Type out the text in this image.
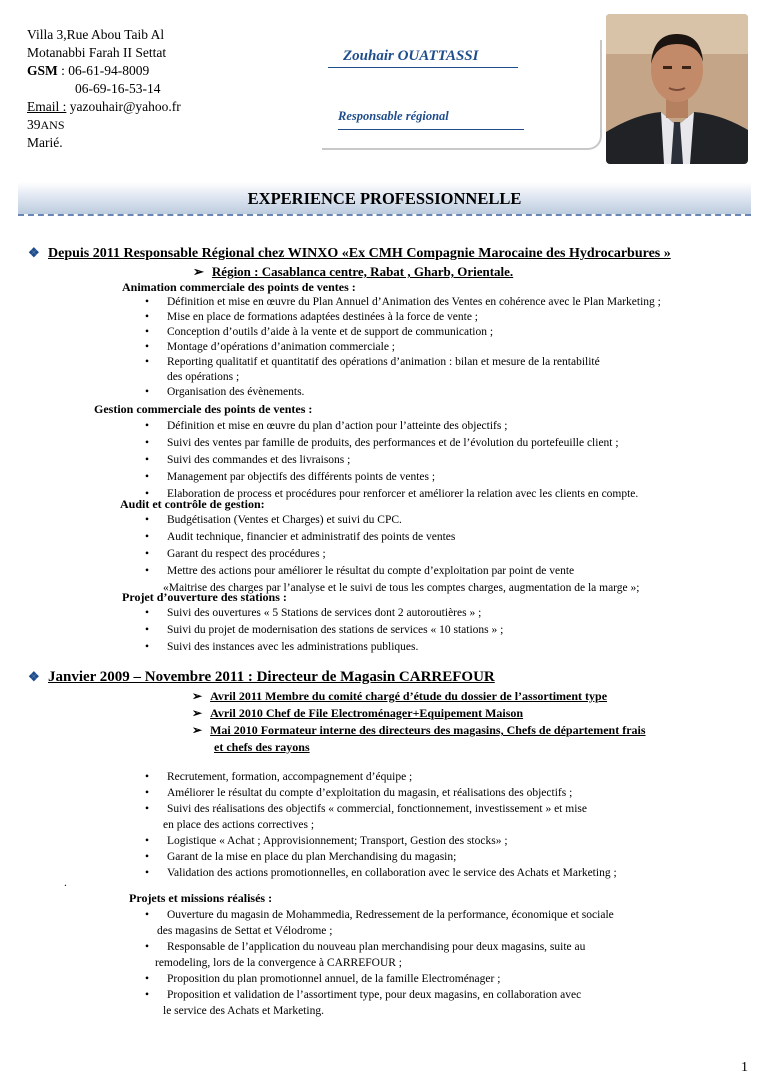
Villa 3,Rue Abou Taib Al
Motanabbi Farah II Settat
GSM : 06-61-94-8009
06-69-16-53-14
Email : yazouhair@yahoo.fr
39ANS
Marié.
Zouhair OUATTASSI
Responsable régional
EXPERIENCE PROFESSIONNELLE
❖ Depuis 2011 Responsable Régional chez WINXO «Ex CMH Compagnie Marocaine des Hydrocarbures »
➢ Région : Casablanca centre, Rabat , Gharb, Orientale.
Animation commerciale des points de ventes :
• Définition et mise en œuvre du Plan Annuel d’Animation des Ventes en cohérence avec le Plan Marketing ;
• Mise en place de formations adaptées destinées à la force de vente ;
• Conception d’outils d’aide à la vente et de support de communication ;
• Montage d’opérations d’animation commerciale ;
• Reporting qualitatif et quantitatif des opérations d’animation : bilan et mesure de la rentabilité
des opérations ;
• Organisation des évènements.
Gestion commerciale des points de ventes :
• Définition et mise en œuvre du plan d’action pour l’atteinte des objectifs ;
• Suivi des ventes par famille de produits, des performances et de l’évolution du portefeuille client ;
• Suivi des commandes et des livraisons ;
• Management par objectifs des différents points de ventes ;
• Elaboration de process et procédures pour renforcer et améliorer la relation avec les clients en compte.
Audit et contrôle de gestion:
• Budgétisation (Ventes et Charges) et suivi du CPC.
• Audit technique, financier et administratif des points de ventes
• Garant du respect des procédures ;
• Mettre des actions pour améliorer le résultat du compte d’exploitation par point de vente
«Maitrise des charges par l’analyse et le suivi de tous les comptes charges, augmentation de la marge »;
Projet d’ouverture des stations :
• Suivi des ouvertures « 5 Stations de services dont 2 autoroutières » ;
• Suivi du projet de modernisation des stations de services « 10 stations » ;
• Suivi des instances avec les administrations publiques.
❖ Janvier 2009 – Novembre 2011 : Directeur de Magasin CARREFOUR
➢ Avril 2011 Membre du comité chargé d’étude du dossier de l’assortiment type
➢ Avril 2010 Chef de File Electroménager+Equipement Maison
➢ Mai 2010 Formateur interne des directeurs des magasins, Chefs de département frais
et chefs des rayons
• Recrutement, formation, accompagnement d’équipe ;
• Améliorer le résultat du compte d’exploitation du magasin, et réalisations des objectifs ;
• Suivi des réalisations des objectifs « commercial, fonctionnement, investissement » et mise
en place des actions correctives ;
• Logistique « Achat ; Approvisionnement; Transport, Gestion des stocks» ;
• Garant de la mise en place du plan Merchandising du magasin;
• Validation des actions promotionnelles, en collaboration avec le service des Achats et Marketing ;
.
Projets et missions réalisés :
• Ouverture du magasin de Mohammedia, Redressement de la performance, économique et sociale
des magasins de Settat et Vélodrome ;
• Responsable de l’application du nouveau plan merchandising pour deux magasins, suite au
remodeling, lors de la convergence à CARREFOUR ;
• Proposition du plan promotionnel annuel, de la famille Electroménager ;
• Proposition et validation de l’assortiment type, pour deux magasins, en collaboration avec
le service des Achats et Marketing.
1
